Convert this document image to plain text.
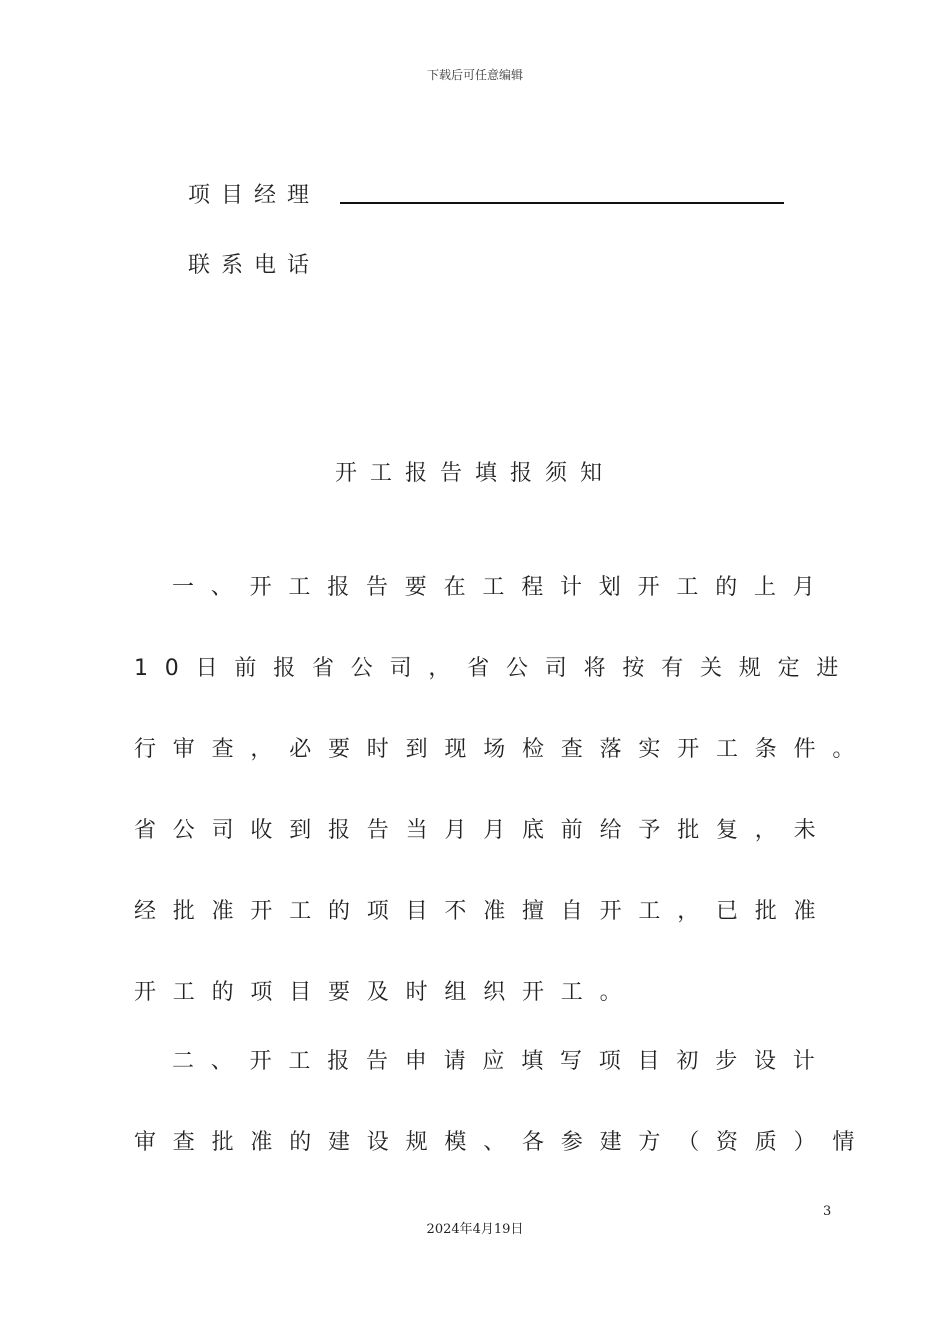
下载后可任意编辑
项目经理
联系电话
开工报告填报须知
一、开工报告要在工程计划开工的上月
10日前报省公司，省公司将按有关规定进
行审查，必要时到现场检查落实开工条件。
省公司收到报告当月月底前给予批复，未
经批准开工的项目不准擅自开工，已批准
开工的项目要及时组织开工。
二、开工报告申请应填写项目初步设计
审查批准的建设规模、各参建方（资质）情
3
2024年4月19日
